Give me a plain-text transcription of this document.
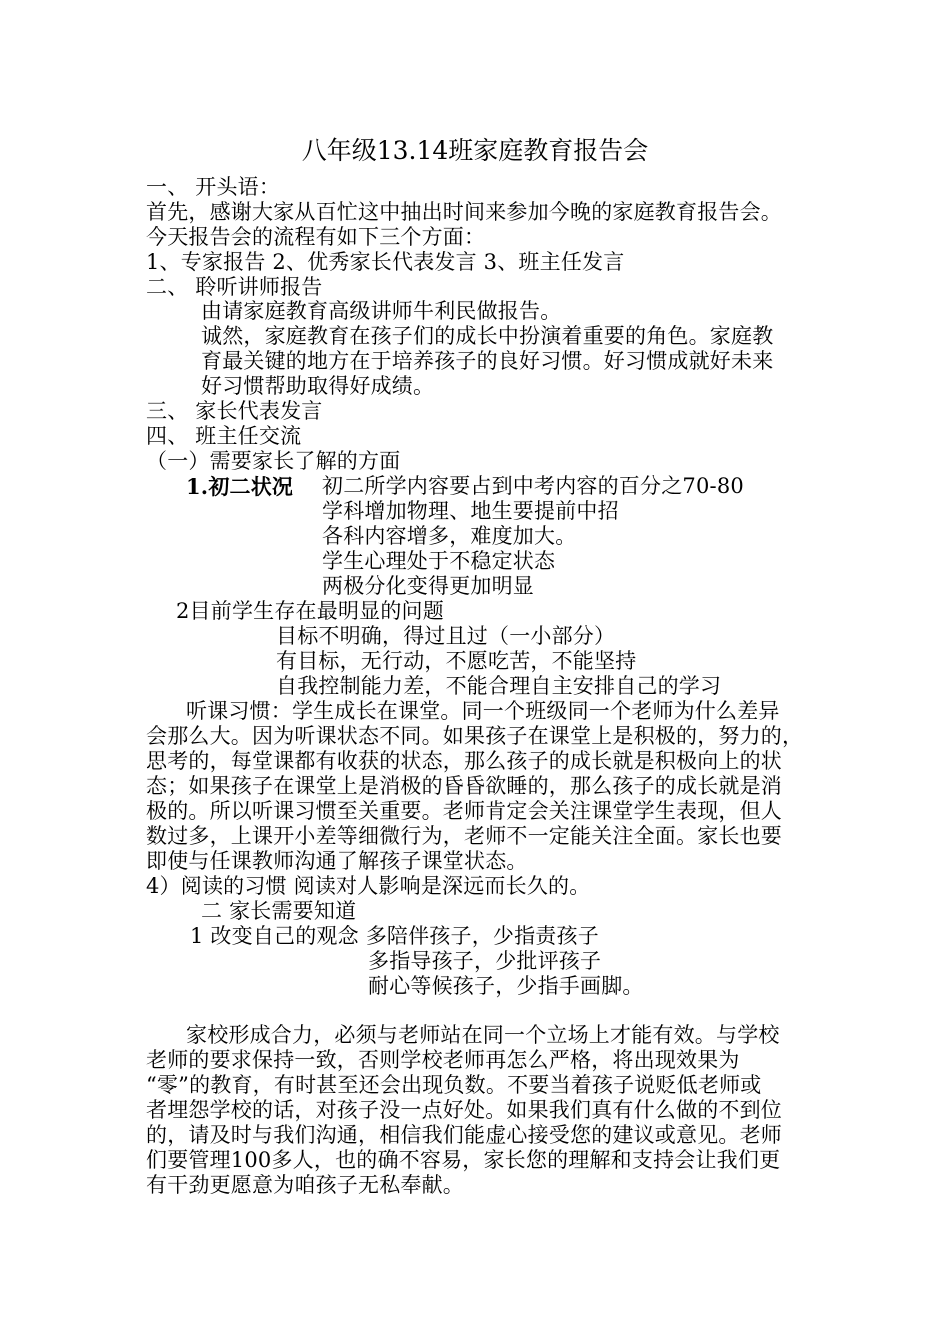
八年级13.14班家庭教育报告会
一、 开头语：
首先，感谢大家从百忙这中抽出时间来参加今晚的家庭教育报告会。
今天报告会的流程有如下三个方面：
1、专家报告 2、优秀家长代表发言 3、班主任发言
二、 聆听讲师报告
由请家庭教育高级讲师牛利民做报告。
诚然，家庭教育在孩子们的成长中扮演着重要的角色。家庭教
育最关键的地方在于培养孩子的良好习惯。好习惯成就好未来
好习惯帮助取得好成绩。
三、 家长代表发言
四、 班主任交流
（一）需要家长了解的方面
1.初二状况 初二所学内容要占到中考内容的百分之70-80
学科增加物理、地生要提前中招
各科内容增多，难度加大。
学生心理处于不稳定状态
两极分化变得更加明显
2目前学生存在最明显的问题
目标不明确，得过且过（一小部分）
有目标，无行动，不愿吃苦，不能坚持
自我控制能力差，不能合理自主安排自己的学习
听课习惯：学生成长在课堂。同一个班级同一个老师为什么差异
会那么大。因为听课状态不同。如果孩子在课堂上是积极的，努力的，
思考的，每堂课都有收获的状态，那么孩子的成长就是积极向上的状
态；如果孩子在课堂上是消极的昏昏欲睡的，那么孩子的成长就是消
极的。所以听课习惯至关重要。老师肯定会关注课堂学生表现，但人
数过多，上课开小差等细微行为，老师不一定能关注全面。家长也要
即使与任课教师沟通了解孩子课堂状态。
4）阅读的习惯 阅读对人影响是深远而长久的。
二 家长需要知道
1 改变自己的观念 多陪伴孩子，少指责孩子
多指导孩子，少批评孩子
耐心等候孩子，少指手画脚。
家校形成合力，必须与老师站在同一个立场上才能有效。与学校
老师的要求保持一致，否则学校老师再怎么严格，将出现效果为
“零”的教育，有时甚至还会出现负数。不要当着孩子说贬低老师或
者埋怨学校的话，对孩子没一点好处。如果我们真有什么做的不到位
的，请及时与我们沟通，相信我们能虚心接受您的建议或意见。老师
们要管理100多人，也的确不容易，家长您的理解和支持会让我们更
有干劲更愿意为咱孩子无私奉献。
